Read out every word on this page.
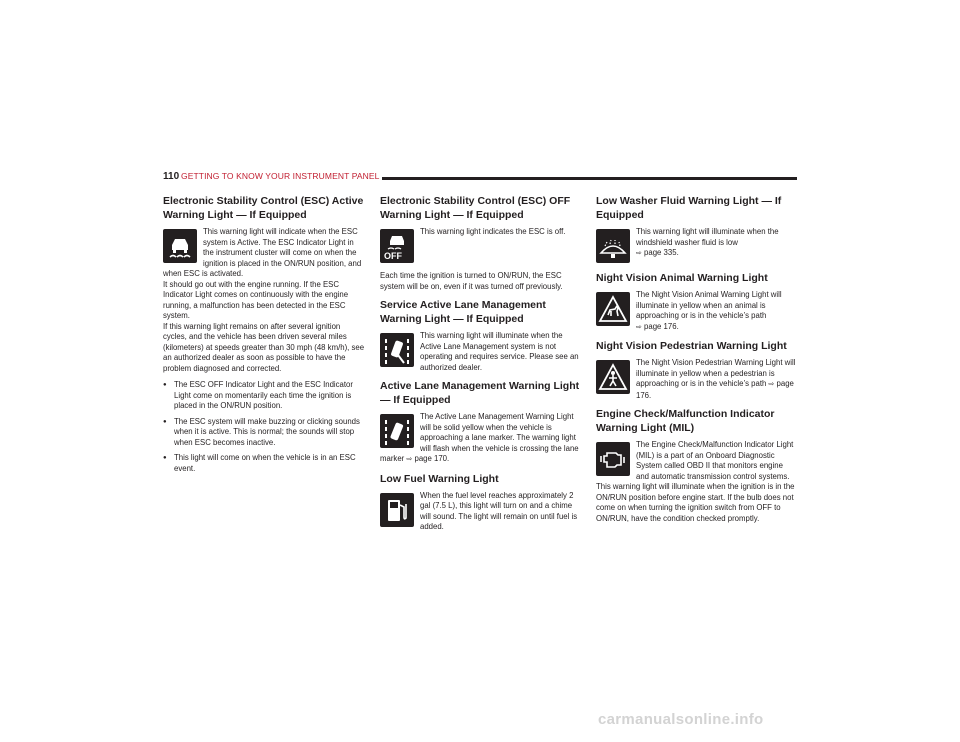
110 GETTING TO KNOW YOUR INSTRUMENT PANEL
Electronic Stability Control (ESC) Active Warning Light — If Equipped

This warning light will indicate when the ESC system is Active. The ESC Indicator Light in the instrument cluster will come on when the ignition is placed in the ON/RUN position, and when ESC is activated.

It should go out with the engine running. If the ESC Indicator Light comes on continuously with the engine running, a malfunction has been detected in the ESC system.

If this warning light remains on after several ignition cycles, and the vehicle has been driven several miles (kilometers) at speeds greater than 30 mph (48 km/h), see an authorized dealer as soon as possible to have the problem diagnosed and corrected.

● The ESC OFF Indicator Light and the ESC Indicator Light come on momentarily each time the ignition is placed in the ON/RUN position.
● The ESC system will make buzzing or clicking sounds when it is active. This is normal; the sounds will stop when ESC becomes inactive.
● This light will come on when the vehicle is in an ESC event.
Electronic Stability Control (ESC) OFF Warning Light — If Equipped
OFF

This warning light indicates the ESC is off.

Each time the ignition is turned to ON/RUN, the ESC system will be on, even if it was turned off previously.

Service Active Lane Management Warning Light — If Equipped

This warning light will illuminate when the Active Lane Management system is not operating and requires service. Please see an authorized dealer.

Active Lane Management Warning Light — If Equipped

The Active Lane Management Warning Light will be solid yellow when the vehicle is approaching a lane marker. The warning light will flash when the vehicle is crossing the lane marker ⇨ page 170.

Low Fuel Warning Light

When the fuel level reaches approximately 2 gal (7.5 L), this light will turn on and a chime will sound. The light will remain on until fuel is added.

Low Washer Fluid Warning Light — If Equipped

This warning light will illuminate when the windshield washer fluid is low
⇨ page 335.

Night Vision Animal Warning Light

The Night Vision Animal Warning Light will illuminate in yellow when an animal is approaching or is in the vehicle’s path
⇨ page 176.

Night Vision Pedestrian Warning Light

The Night Vision Pedestrian Warning Light will illuminate in yellow when a pedestrian is approaching or is in the vehicle’s path ⇨ page 176.

Engine Check/Malfunction Indicator Warning Light (MIL)

The Engine Check/Malfunction Indicator Light (MIL) is a part of an Onboard Diagnostic System called OBD II that monitors engine and automatic transmission control systems. This warning light will illuminate when the ignition is in the ON/RUN position before engine start. If the bulb does not come on when turning the ignition switch from OFF to ON/RUN, have the condition checked promptly.

carmanualsonline.info
